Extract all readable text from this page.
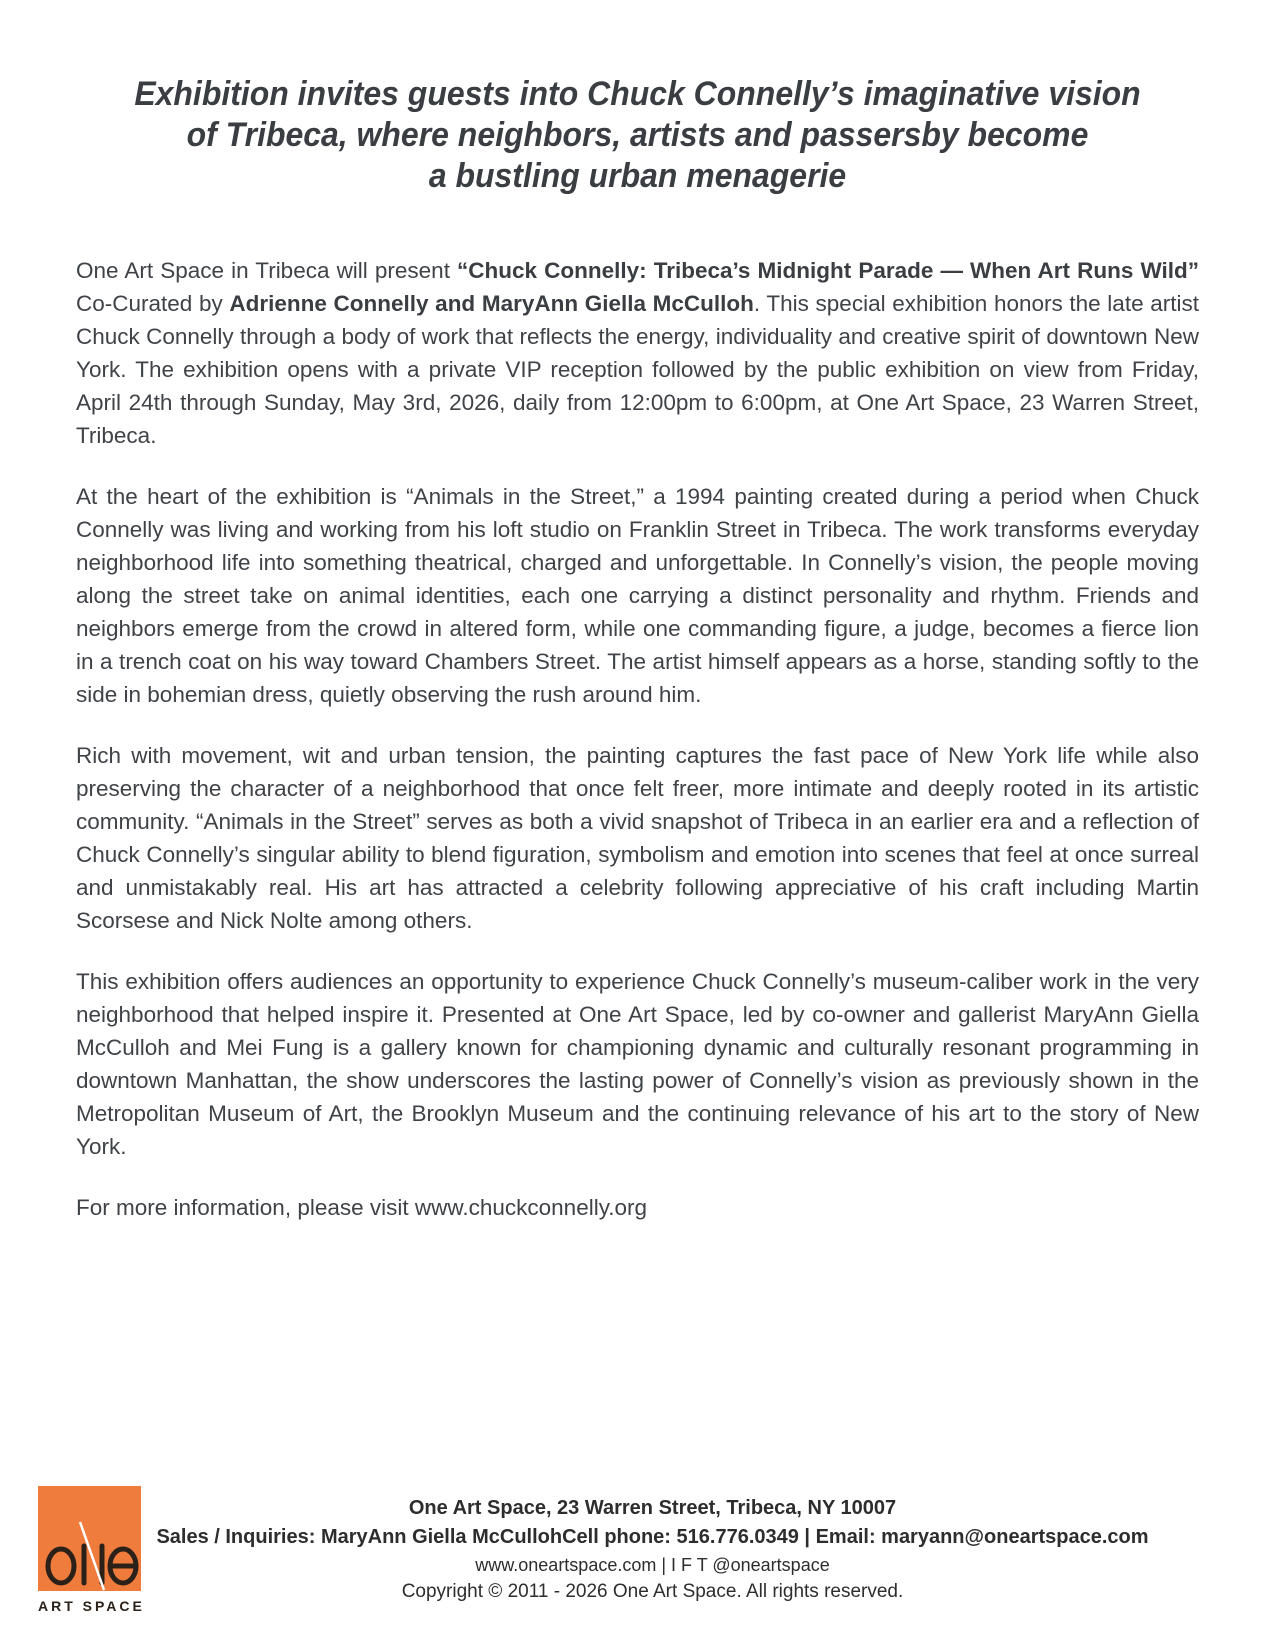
Exhibition invites guests into Chuck Connelly’s imaginative vision
of Tribeca, where neighbors, artists and passersby become
a bustling urban menagerie

One Art Space in Tribeca will present “Chuck Connelly: Tribeca’s Midnight Parade — When Art Runs Wild” Co-Curated by Adrienne Connelly and MaryAnn Giella McCulloh. This special exhibition honors the late artist Chuck Connelly through a body of work that reflects the energy, individuality and creative spirit of downtown New York. The exhibition opens with a private VIP reception followed by the public exhibition on view from Friday, April 24th through Sunday, May 3rd, 2026, daily from 12:00pm to 6:00pm, at One Art Space, 23 Warren Street, Tribeca.

At the heart of the exhibition is “Animals in the Street,” a 1994 painting created during a period when Chuck Connelly was living and working from his loft studio on Franklin Street in Tribeca. The work transforms everyday neighborhood life into something theatrical, charged and unforgettable. In Connelly’s vision, the people moving along the street take on animal identities, each one carrying a distinct personality and rhythm. Friends and neighbors emerge from the crowd in altered form, while one commanding figure, a judge, becomes a fierce lion in a trench coat on his way toward Chambers Street. The artist himself appears as a horse, standing softly to the side in bohemian dress, quietly observing the rush around him.

Rich with movement, wit and urban tension, the painting captures the fast pace of New York life while also preserving the character of a neighborhood that once felt freer, more intimate and deeply rooted in its artistic community. “Animals in the Street” serves as both a vivid snapshot of Tribeca in an earlier era and a reflection of Chuck Connelly’s singular ability to blend figuration, symbolism and emotion into scenes that feel at once surreal and unmistakably real. His art has attracted a celebrity following appreciative of his craft including Martin Scorsese and Nick Nolte among others.

This exhibition offers audiences an opportunity to experience Chuck Connelly’s museum-caliber work in the very neighborhood that helped inspire it. Presented at One Art Space, led by co-owner and gallerist MaryAnn Giella McCulloh and Mei Fung is a gallery known for championing dynamic and culturally resonant programming in downtown Manhattan, the show underscores the lasting power of Connelly’s vision as previously shown in the Metropolitan Museum of Art, the Brooklyn Museum and the continuing relevance of his art to the story of New York.

For more information, please visit www.chuckconnelly.org

ART SPACE
One Art Space, 23 Warren Street, Tribeca, NY 10007
Sales / Inquiries: MaryAnn Giella McCullohCell phone: 516.776.0349 | Email: maryann@oneartspace.com
www.oneartspace.com | I F T @oneartspace
Copyright © 2011 - 2026 One Art Space. All rights reserved.
